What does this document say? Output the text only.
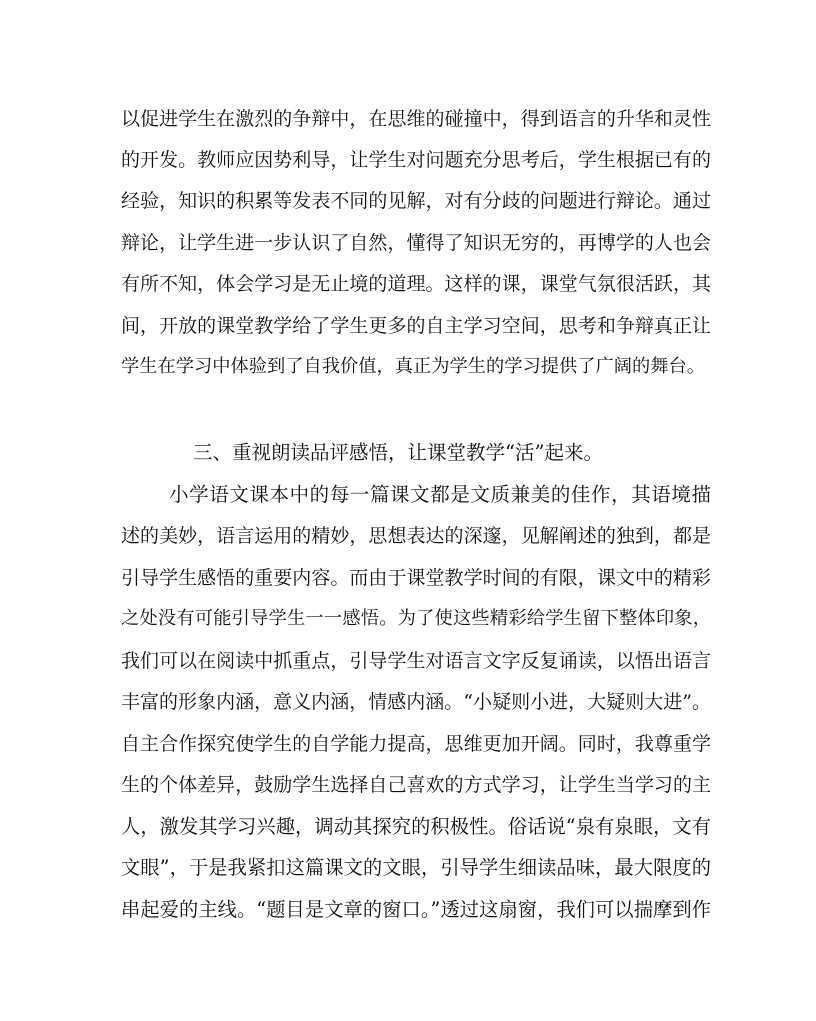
以促进学生在激烈的争辩中，在思维的碰撞中，得到语言的升华和灵性
的开发。教师应因势利导，让学生对问题充分思考后，学生根据已有的
经验，知识的积累等发表不同的见解，对有分歧的问题进行辩论。通过
辩论，让学生进一步认识了自然，懂得了知识无穷的，再博学的人也会
有所不知，体会学习是无止境的道理。这样的课，课堂气氛很活跃，其
间，开放的课堂教学给了学生更多的自主学习空间，思考和争辩真正让
学生在学习中体验到了自我价值，真正为学生的学习提供了广阔的舞台。
三、重视朗读品评感悟，让课堂教学“活”起来。
小学语文课本中的每一篇课文都是文质兼美的佳作，其语境描
述的美妙，语言运用的精妙，思想表达的深邃，见解阐述的独到，都是
引导学生感悟的重要内容。而由于课堂教学时间的有限，课文中的精彩
之处没有可能引导学生一一感悟。为了使这些精彩给学生留下整体印象，
我们可以在阅读中抓重点，引导学生对语言文字反复诵读，以悟出语言
丰富的形象内涵，意义内涵，情感内涵。“小疑则小进，大疑则大进”。
自主合作探究使学生的自学能力提高，思维更加开阔。同时，我尊重学
生的个体差异，鼓励学生选择自己喜欢的方式学习，让学生当学习的主
人，激发其学习兴趣，调动其探究的积极性。俗话说“泉有泉眼，文有
文眼”，于是我紧扣这篇课文的文眼，引导学生细读品味，最大限度的
串起爱的主线。“题目是文章的窗口。”透过这扇窗，我们可以揣摩到作
